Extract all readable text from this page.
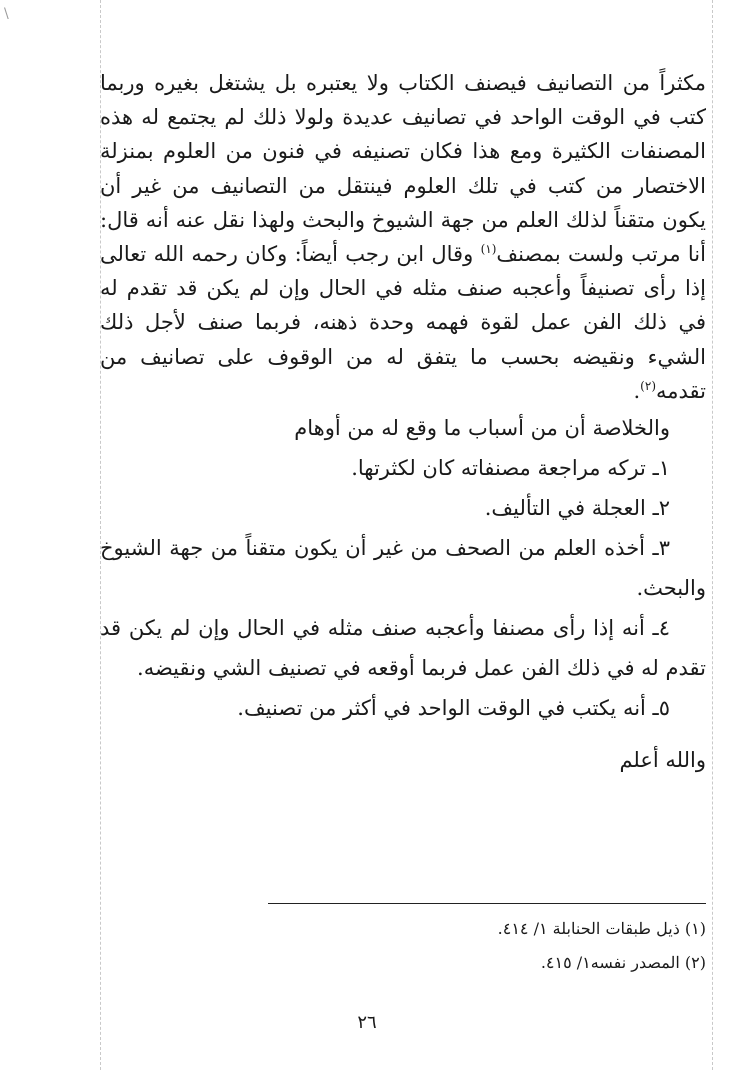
\

مكثراً من التصانيف فيصنف الكتاب ولا يعتبره بل يشتغل بغيره وربما كتب في الوقت الواحد في تصانيف عديدة ولولا ذلك لم يجتمع له هذه المصنفات الكثيرة ومع هذا فكان تصنيفه في فنون من العلوم بمنزلة الاختصار من كتب في تلك العلوم فينتقل من التصانيف من غير أن يكون متقناً لذلك العلم من جهة الشيوخ والبحث ولهذا نقل عنه أنه قال: أنا مرتب ولست بمصنف$^{(١)}$ وقال ابن رجب أيضاً: وكان رحمه الله تعالى إذا رأى تصنيفاً وأعجبه صنف مثله في الحال وإن لم يكن قد تقدم له في ذلك الفن عمل لقوة فهمه وحدة ذهنه، فربما صنف لأجل ذلك الشيء ونقيضه بحسب ما يتفق له من الوقوف على تصانيف من تقدمه$^{(٢)}$.

والخلاصة أن من أسباب ما وقع له من أوهام

١ـ تركه مراجعة مصنفاته كان لكثرتها.

٢ـ العجلة في التأليف.

٣ـ أخذه العلم من الصحف من غير أن يكون متقناً من جهة الشيوخ والبحث.

٤ـ أنه إذا رأى مصنفا وأعجبه صنف مثله في الحال وإن لم يكن قد تقدم له في ذلك الفن عمل فربما أوقعه في تصنيف الشي ونقيضه.

٥ـ أنه يكتب في الوقت الواحد في أكثر من تصنيف.

والله أعلم

(١) ذيل طبقات الحنابلة ١/ ٤١٤.

(٢) المصدر نفسه١/ ٤١٥.

٢٦
